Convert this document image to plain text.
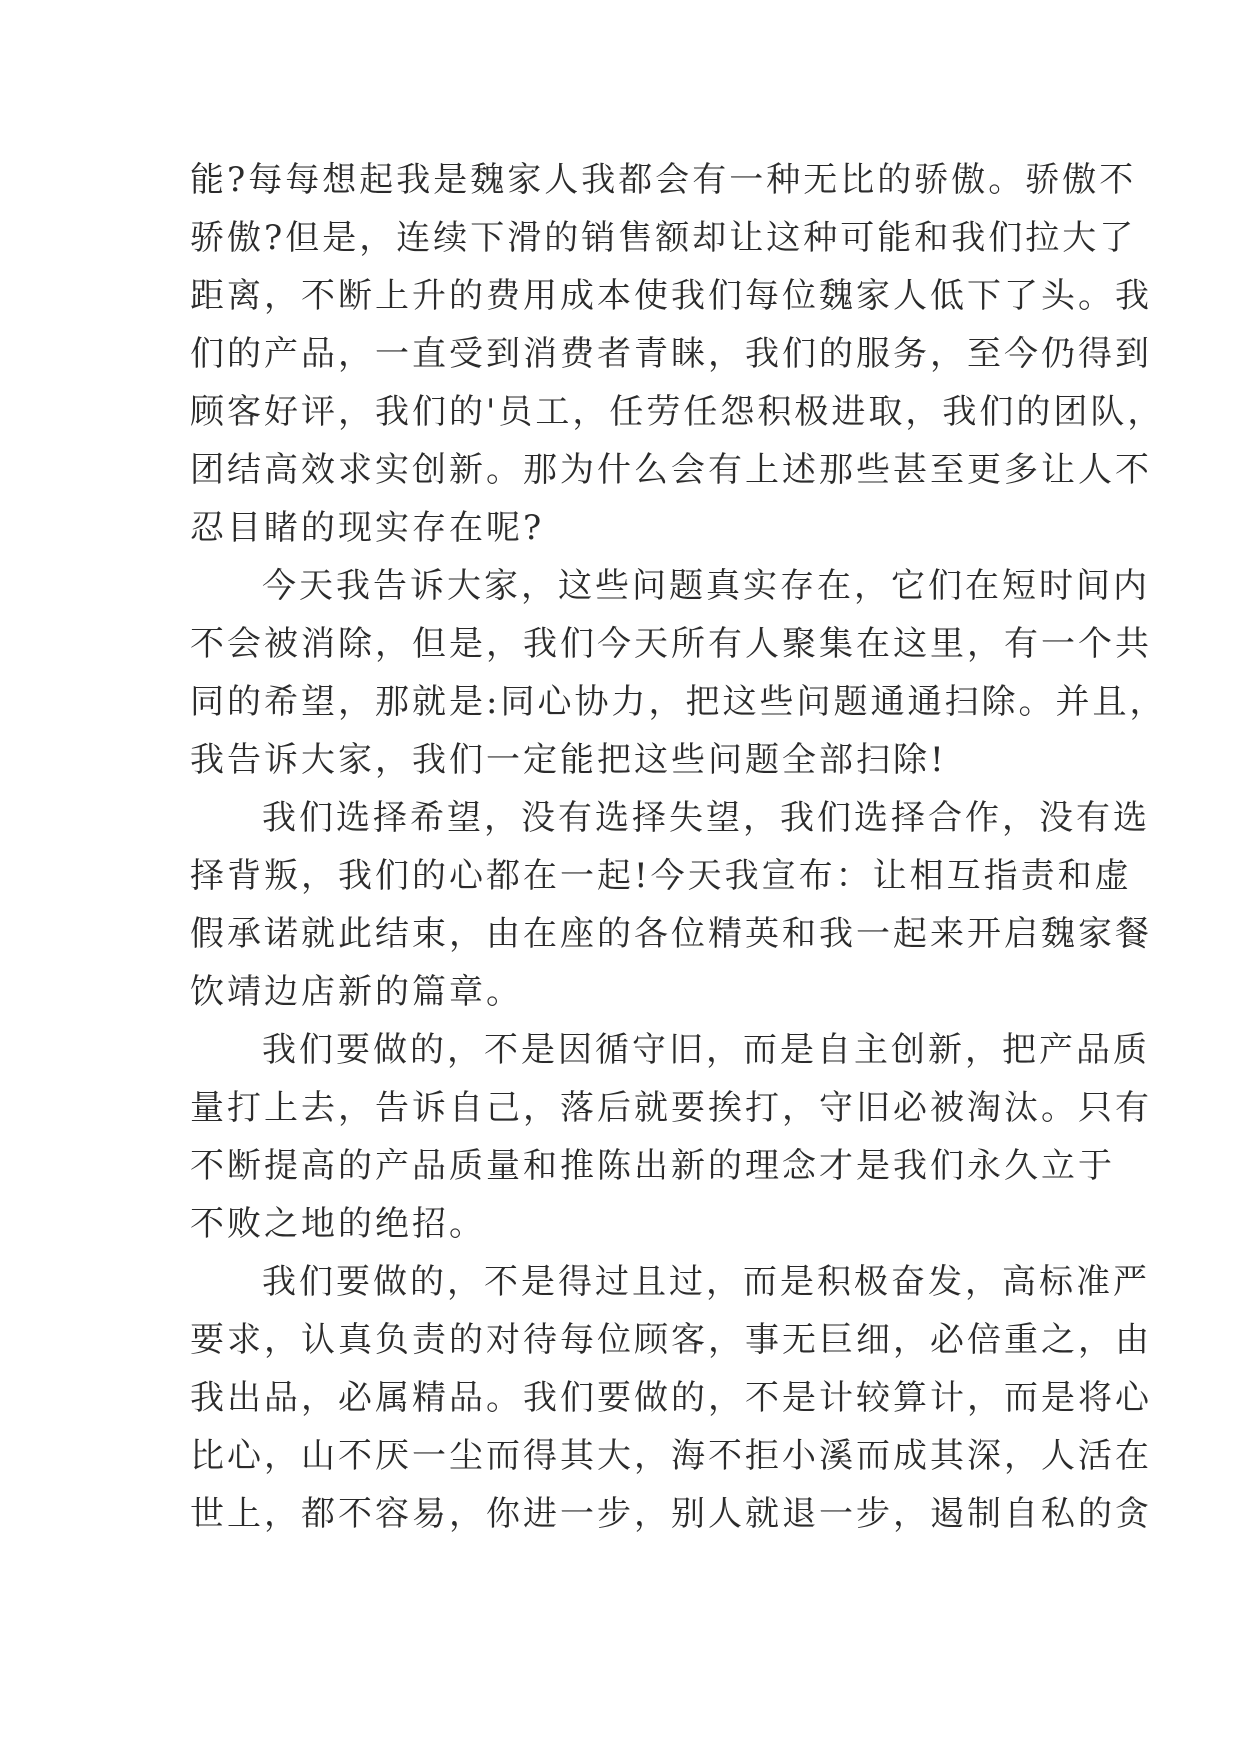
能?每每想起我是魏家人我都会有一种无比的骄傲。骄傲不
骄傲?但是，连续下滑的销售额却让这种可能和我们拉大了
距离，不断上升的费用成本使我们每位魏家人低下了头。我
们的产品，一直受到消费者青睐，我们的服务，至今仍得到
顾客好评，我们的'员工，任劳任怨积极进取，我们的团队，
团结高效求实创新。那为什么会有上述那些甚至更多让人不
忍目睹的现实存在呢?
今天我告诉大家，这些问题真实存在，它们在短时间内
不会被消除，但是，我们今天所有人聚集在这里，有一个共
同的希望，那就是:同心协力，把这些问题通通扫除。并且，
我告诉大家，我们一定能把这些问题全部扫除!
我们选择希望，没有选择失望，我们选择合作，没有选
择背叛，我们的心都在一起!今天我宣布：让相互指责和虚
假承诺就此结束，由在座的各位精英和我一起来开启魏家餐
饮靖边店新的篇章。
我们要做的，不是因循守旧，而是自主创新，把产品质
量打上去，告诉自己，落后就要挨打，守旧必被淘汰。只有
不断提高的产品质量和推陈出新的理念才是我们永久立于
不败之地的绝招。
我们要做的，不是得过且过，而是积极奋发，高标准严
要求，认真负责的对待每位顾客，事无巨细，必倍重之，由
我出品，必属精品。我们要做的，不是计较算计，而是将心
比心，山不厌一尘而得其大，海不拒小溪而成其深，人活在
世上，都不容易，你进一步，别人就退一步，遏制自私的贪
